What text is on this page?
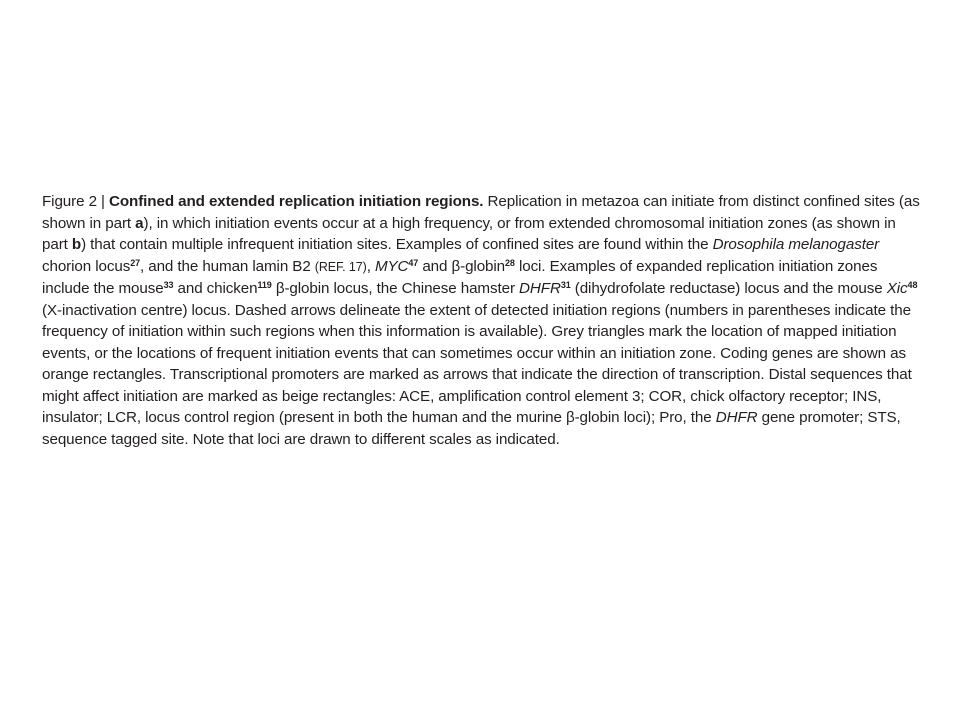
Figure 2 | Confined and extended replication initiation regions. Replication in metazoa can initiate from distinct confined sites (as shown in part a), in which initiation events occur at a high frequency, or from extended chromosomal initiation zones (as shown in part b) that contain multiple infrequent initiation sites. Examples of confined sites are found within the Drosophila melanogaster chorion locus$^{27}$, and the human lamin B2 (REF. 17), MYC$^{47}$ and β-globin$^{28}$ loci. Examples of expanded replication initiation zones include the mouse$^{33}$ and chicken$^{119}$ β-globin locus, the Chinese hamster DHFR$^{31}$ (dihydrofolate reductase) locus and the mouse Xic$^{48}$ (X-inactivation centre) locus. Dashed arrows delineate the extent of detected initiation regions (numbers in parentheses indicate the frequency of initiation within such regions when this information is available). Grey triangles mark the location of mapped initiation events, or the locations of frequent initiation events that can sometimes occur within an initiation zone. Coding genes are shown as orange rectangles. Transcriptional promoters are marked as arrows that indicate the direction of transcription. Distal sequences that might affect initiation are marked as beige rectangles: ACE, amplification control element 3; COR, chick olfactory receptor; INS, insulator; LCR, locus control region (present in both the human and the murine β-globin loci); Pro, the DHFR gene promoter; STS, sequence tagged site. Note that loci are drawn to different scales as indicated.
